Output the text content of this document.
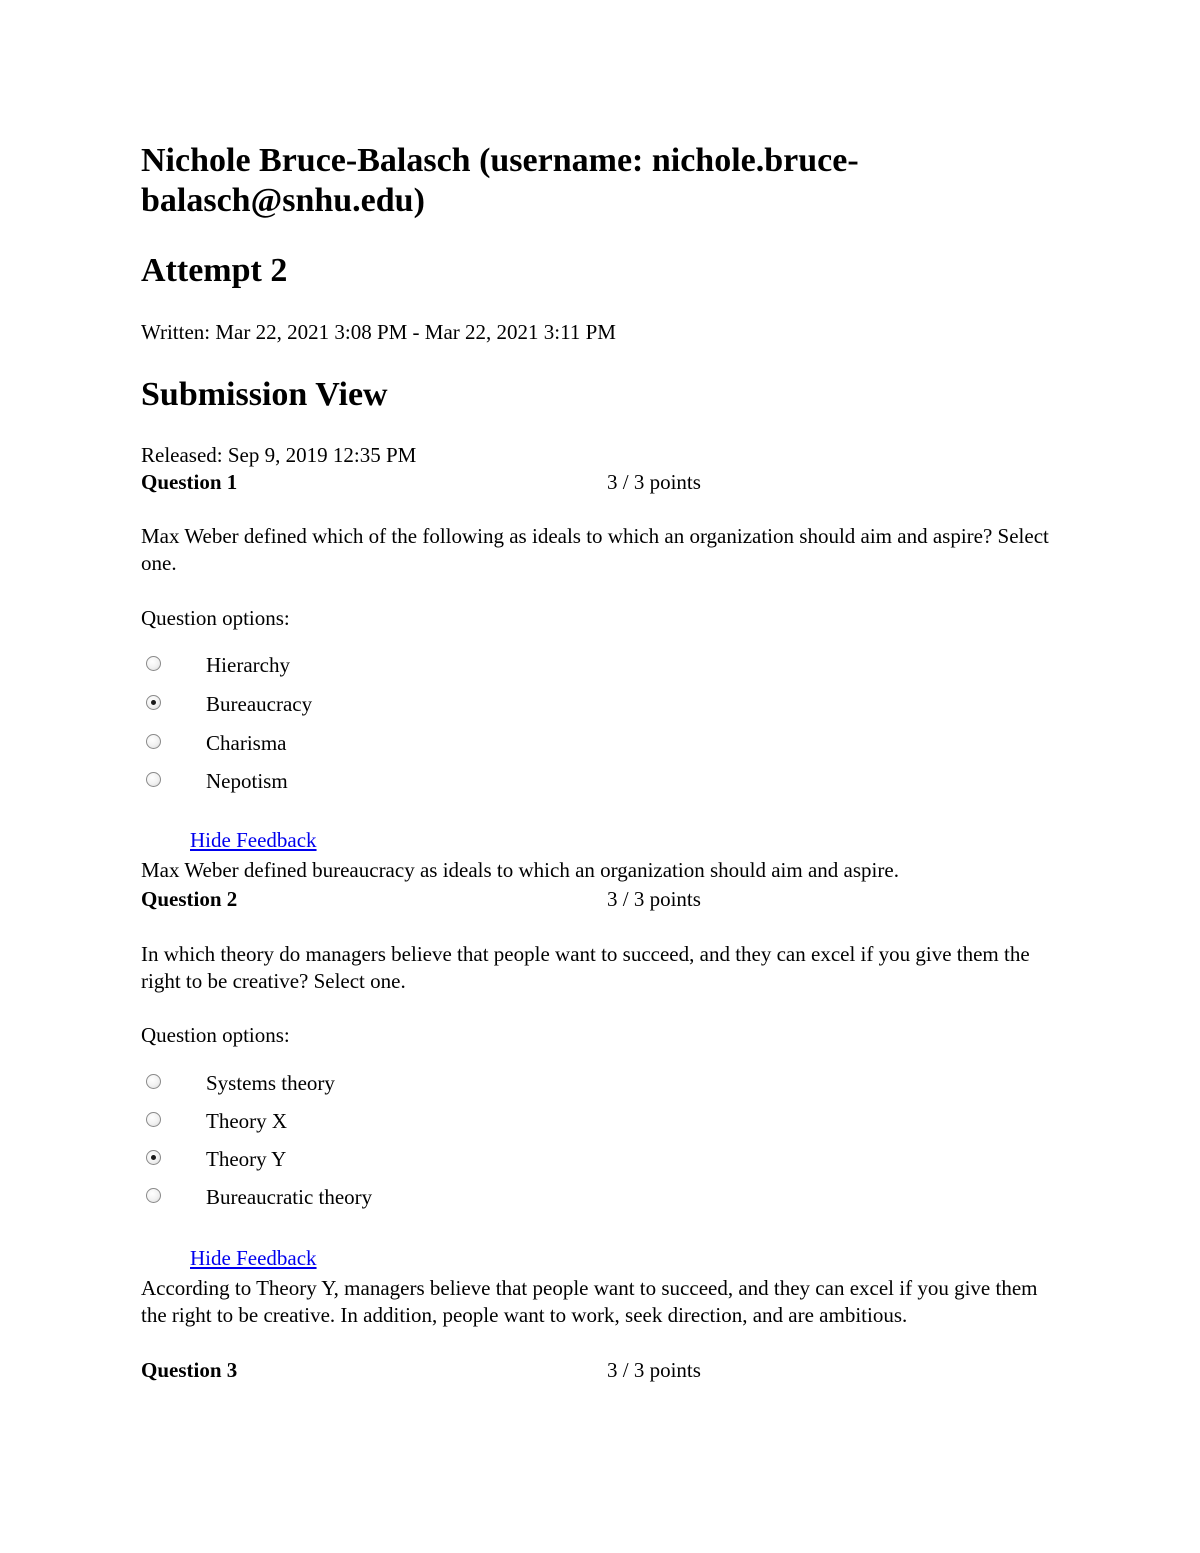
Nichole Bruce-Balasch (username: nichole.bruce-balasch@snhu.edu)
Attempt 2
Written: Mar 22, 2021 3:08 PM - Mar 22, 2021 3:11 PM
Submission View
Released: Sep 9, 2019 12:35 PM
Question 1	3 / 3 points
Max Weber defined which of the following as ideals to which an organization should aim and aspire? Select one.
Question options:
Hierarchy
Bureaucracy
Charisma
Nepotism
Hide Feedback
Max Weber defined bureaucracy as ideals to which an organization should aim and aspire.
Question 2	3 / 3 points
In which theory do managers believe that people want to succeed, and they can excel if you give them the right to be creative? Select one.
Question options:
Systems theory
Theory X
Theory Y
Bureaucratic theory
Hide Feedback
According to Theory Y, managers believe that people want to succeed, and they can excel if you give them the right to be creative. In addition, people want to work, seek direction, and are ambitious.
Question 3	3 / 3 points
